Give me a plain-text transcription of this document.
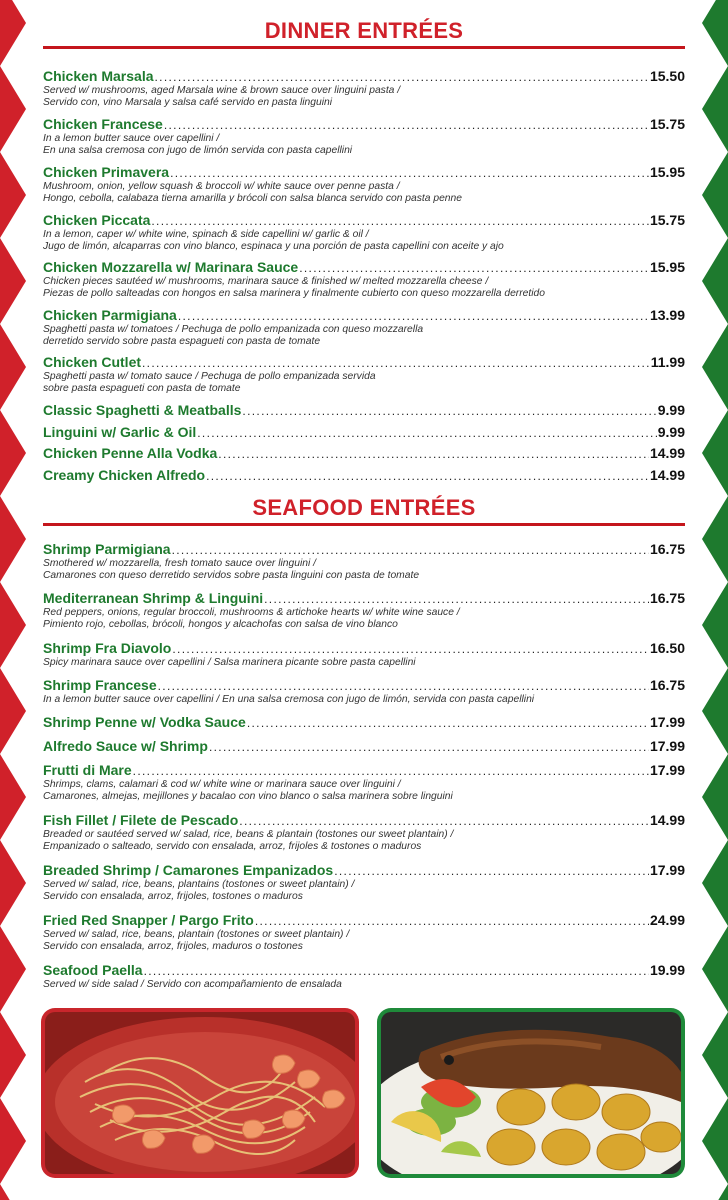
DINNER ENTRÉES
Chicken Marsala . . .	15.50
Served w/ mushrooms, aged Marsala wine & brown sauce over linguini pasta /
Servido con, vino Marsala y salsa café servido en pasta linguini
Chicken Francese . . .	15.75
In a lemon butter sauce over capellini /
En una salsa cremosa con jugo de limón servida con pasta capellini
Chicken Primavera . . .	15.95
Mushroom, onion, yellow squash & broccoli w/ white sauce over penne pasta /
Hongo, cebolla, calabaza tierna amarilla y brócoli con salsa blanca servido con pasta penne
Chicken Piccata . . .	15.75
In a lemon, caper w/ white wine, spinach & side capellini w/ garlic & oil /
Jugo de limón, alcaparras con vino blanco, espinaca y una porción de pasta capellini con aceite y ajo
Chicken Mozzarella w/ Marinara Sauce . . .	15.95
Chicken pieces sautéed w/ mushrooms, marinara sauce & finished w/ melted mozzarella cheese /
Piezas de pollo salteadas con hongos en salsa marinera y finalmente cubierto con queso mozzarella derretido
Chicken Parmigiana . . .	13.99
Spaghetti pasta w/ tomatoes / Pechuga de pollo empanizada con queso mozzarella
derretido servido sobre pasta espagueti con pasta de tomate
Chicken Cutlet . . .	11.99
Spaghetti pasta w/ tomato sauce / Pechuga de pollo empanizada servida
sobre pasta espagueti con pasta de tomate
Classic Spaghetti & Meatballs . . .	9.99
Linguini w/ Garlic & Oil . . .	9.99
Chicken Penne Alla Vodka . . .	14.99
Creamy Chicken Alfredo . . .	14.99
SEAFOOD ENTRÉES
Shrimp Parmigiana . . .	16.75
Smothered w/ mozzarella, fresh tomato sauce over linguini /
Camarones con queso derretido servidos sobre pasta linguini con pasta de tomate
Mediterranean Shrimp & Linguini . . .	16.75
Red peppers, onions, regular broccoli, mushrooms & artichoke hearts w/ white wine sauce /
Pimiento rojo, cebollas, brócoli, hongos y alcachofas con salsa de vino blanco
Shrimp Fra Diavolo . . .	16.50
Spicy marinara sauce over capellini / Salsa marinera picante sobre pasta capellini
Shrimp Francese . . .	16.75
In a lemon butter sauce over capellini / En una salsa cremosa con jugo de limón, servida con pasta capellini
Shrimp Penne w/ Vodka Sauce . . .	17.99
Alfredo Sauce w/ Shrimp . . .	17.99
Frutti di Mare . . .	17.99
Shrimps, clams, calamari & cod w/ white wine or marinara sauce over linguini /
Camarones, almejas, mejillones y bacalao con vino blanco o salsa marinera sobre linguini
Fish Fillet / Filete de Pescado . . .	14.99
Breaded or sautéed served w/ salad, rice, beans & plantain (tostones our sweet plantain) /
Empanizado o salteado, servido con ensalada, arroz, frijoles & tostones o maduros
Breaded Shrimp / Camarones Empanizados . . .	17.99
Served w/ salad, rice, beans, plantains (tostones or sweet plantain) /
Servido con ensalada, arroz, frijoles, tostones o maduros
Fried Red Snapper / Pargo Frito . . .	24.99
Served w/ salad, rice, beans, plantain (tostones or sweet plantain) /
Servido con ensalada, arroz, frijoles, maduros o tostones
Seafood Paella . . .	19.99
Served w/ side salad / Servido con acompañamiento de ensalada
